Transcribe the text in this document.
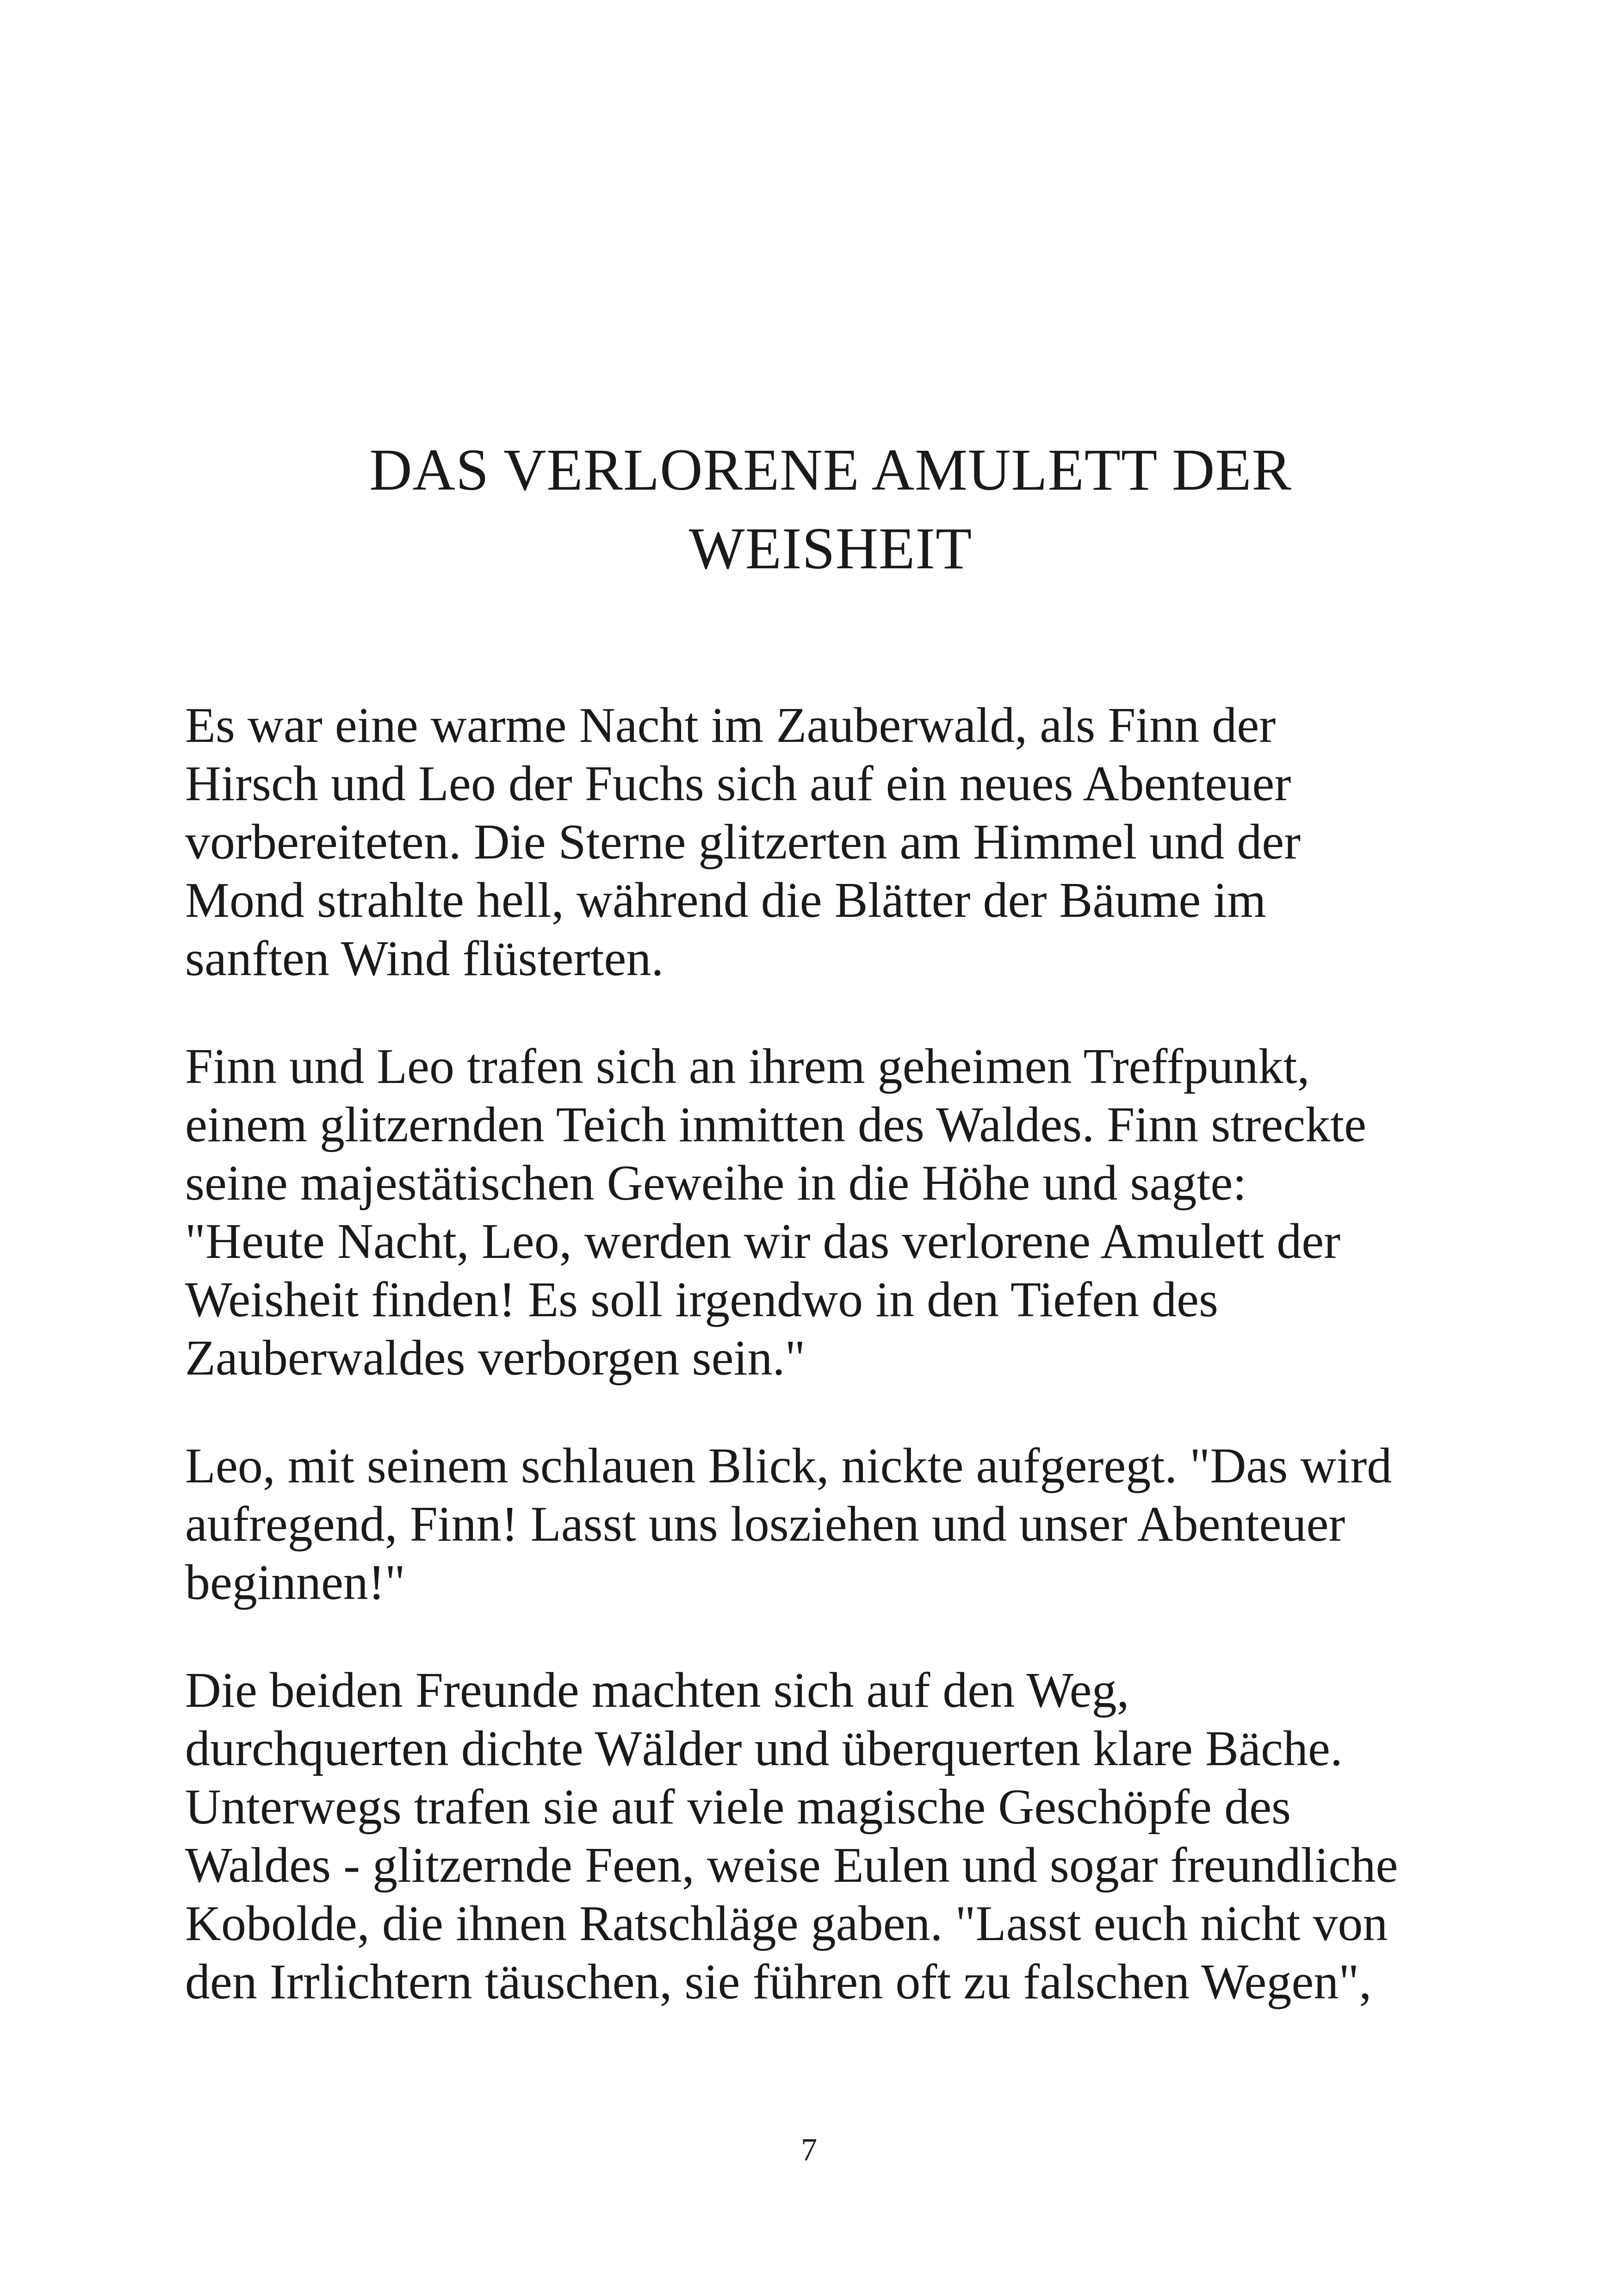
DAS VERLORENE AMULETT DER
WEISHEIT

Es war eine warme Nacht im Zauberwald, als Finn der
Hirsch und Leo der Fuchs sich auf ein neues Abenteuer
vorbereiteten. Die Sterne glitzerten am Himmel und der
Mond strahlte hell, während die Blätter der Bäume im
sanften Wind flüsterten.

Finn und Leo trafen sich an ihrem geheimen Treffpunkt,
einem glitzernden Teich inmitten des Waldes. Finn streckte
seine majestätischen Geweihe in die Höhe und sagte:
"Heute Nacht, Leo, werden wir das verlorene Amulett der
Weisheit finden! Es soll irgendwo in den Tiefen des
Zauberwaldes verborgen sein."

Leo, mit seinem schlauen Blick, nickte aufgeregt. "Das wird
aufregend, Finn! Lasst uns losziehen und unser Abenteuer
beginnen!"

Die beiden Freunde machten sich auf den Weg,
durchquerten dichte Wälder und überquerten klare Bäche.
Unterwegs trafen sie auf viele magische Geschöpfe des
Waldes - glitzernde Feen, weise Eulen und sogar freundliche
Kobolde, die ihnen Ratschläge gaben. "Lasst euch nicht von
den Irrlichtern täuschen, sie führen oft zu falschen Wegen",

7
